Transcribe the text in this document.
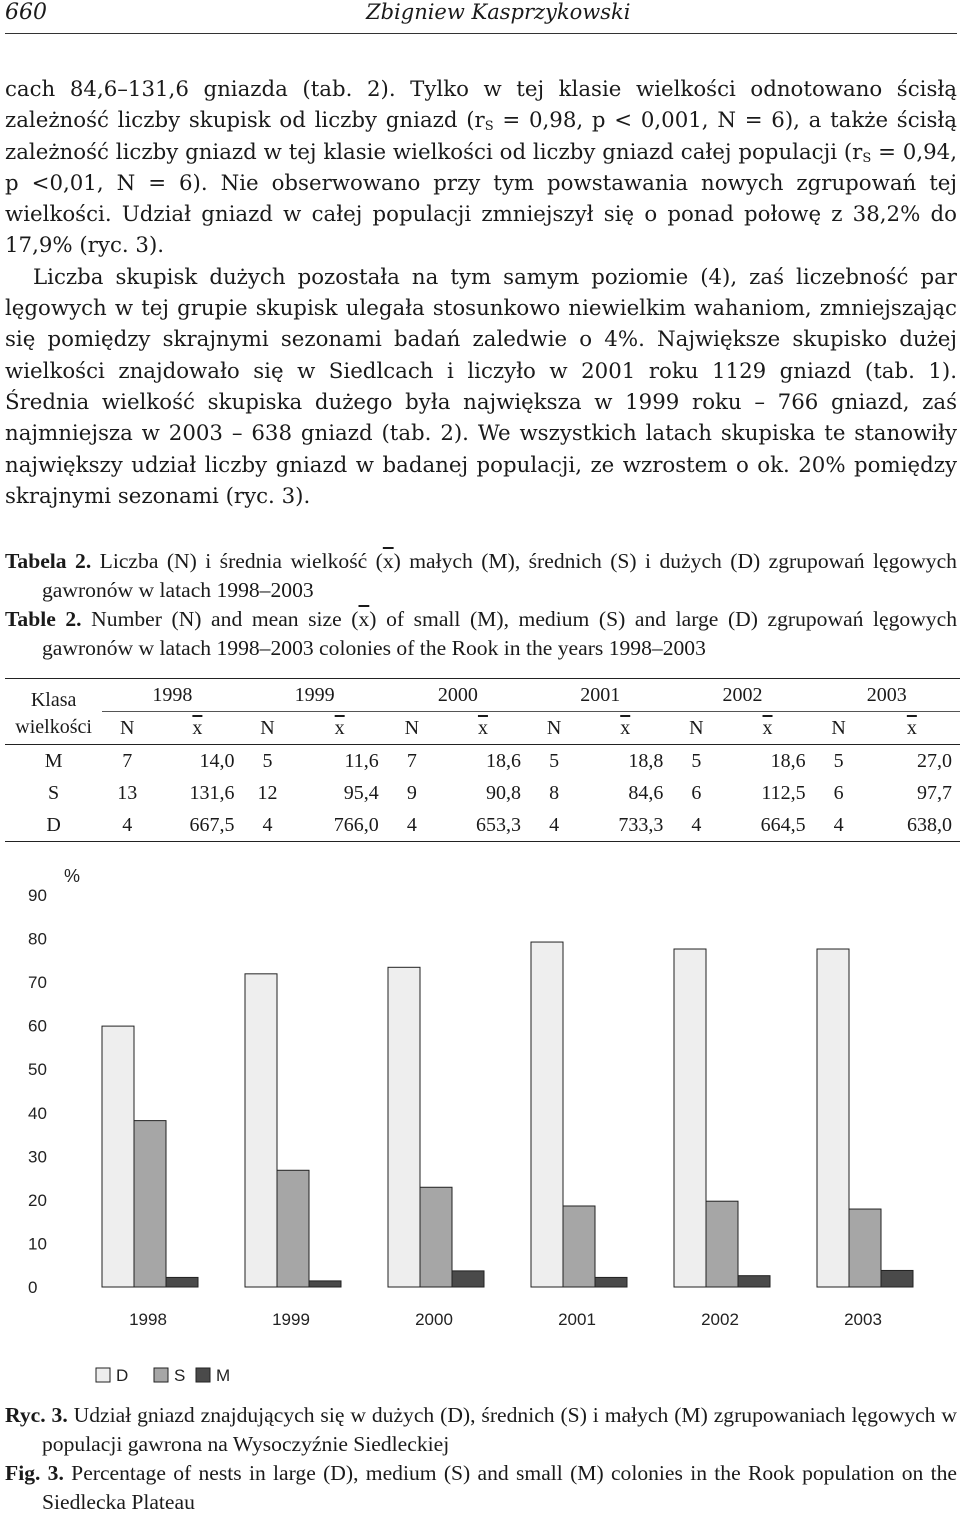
660	Zbigniew Kasprzykowski

cach 84,6–131,6 gniazda (tab. 2). Tylko w tej klasie wielkości odnotowano ścisłą zależność liczby skupisk od liczby gniazd ($r_S = 0,98$, p < 0,001, N = 6), a także ścisłą zależność liczby gniazd w tej klasie wielkości od liczby gniazd całej populacji ($r_S = 0,94$, p <0,01, N = 6). Nie obserwowano przy tym powstawania nowych zgrupowań tej wielkości. Udział gniazd w całej populacji zmniejszył się o ponad połowę z 38,2% do 17,9% (ryc. 3).

Liczba skupisk dużych pozostała na tym samym poziomie (4), zaś liczebność par lęgowych w tej grupie skupisk ulegała stosunkowo niewielkim wahaniom, zmniejszając się pomiędzy skrajnymi sezonami badań zaledwie o 4%. Największe skupisko dużej wielkości znajdowało się w Siedlcach i liczyło w 2001 roku 1129 gniazd (tab. 1). Średnia wielkość skupiska dużego była największa w 1999 roku – 766 gniazd, zaś najmniejsza w 2003 – 638 gniazd (tab. 2). We wszystkich latach skupiska te stanowiły największy udział liczby gniazd w badanej populacji, ze wzrostem o ok. 20% pomiędzy skrajnymi sezonami (ryc. 3).

Tabela 2. Liczba (N) i średnia wielkość $(\overline{x})$ małych (M), średnich (S) i dużych (D) zgrupowań lęgowych gawronów w latach 1998–2003

Table 2. Number (N) and mean size $(\overline{x})$ of small (M), medium (S) and large (D) zgrupowań lęgowych gawronów w latach 1998–2003 colonies of the Rook in the years 1998–2003

Klasa	1998		1999		2000		2001		2002		2003	
wielkości	N	$\overline{x}$	N	$\overline{x}$	N	$\overline{x}$	N	$\overline{x}$	N	$\overline{x}$	N	$\overline{x}$
M	7	14,0	5	11,6	7	18,6	5	18,8	5	18,6	5	27,0
S	13	131,6	12	95,4	9	90,8	8	84,6	6	112,5	6	97,7
D	4	667,5	4	766,0	4	653,3	4	733,3	4	664,5	4	638,0
0
10
20
30
40
50
60
70
80
90
%
1998	1999	2000	2001	2002	2003
D	S M

Ryc. 3. Udział gniazd znajdujących się w dużych (D), średnich (S) i małych (M) zgrupowaniach lęgowych w populacji gawrona na Wysoczyźnie Siedleckiej

Fig. 3. Percentage of nests in large (D), medium (S) and small (M) colonies in the Rook population on the Siedlecka Plateau
